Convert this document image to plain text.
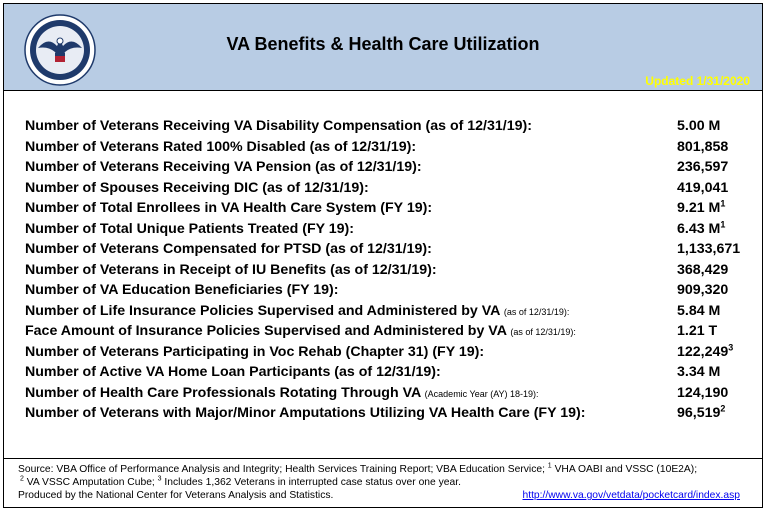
VA Benefits & Health Care Utilization
Updated 1/31/2020
Number of Veterans Receiving VA Disability Compensation (as of 12/31/19):	5.00 M
Number of Veterans Rated 100% Disabled (as of 12/31/19):	801,858
Number of Veterans Receiving VA Pension (as of 12/31/19):	236,597
Number of Spouses Receiving DIC (as of 12/31/19):	419,041
Number of Total Enrollees in VA Health Care System (FY 19):	9.21 $M^1$
Number of Total Unique Patients Treated (FY 19):	6.43 $M^1$
Number of Veterans Compensated for PTSD (as of 12/31/19):	1,133,671
Number of Veterans in Receipt of IU Benefits (as of 12/31/19):	368,429
Number of VA Education Beneficiaries (FY 19):	909,320
Number of Life Insurance Policies Supervised and Administered by VA (as of 12/31/19):	5.84 M
Face Amount of Insurance Policies Supervised and Administered by VA (as of 12/31/19):	1.21 T
Number of Veterans Participating in Voc Rehab (Chapter 31) (FY 19):	122,249$^3$
Number of Active VA Home Loan Participants (as of 12/31/19):	3.34 M
Number of Health Care Professionals Rotating Through VA (Academic Year (AY) 18-19):	124,190
Number of Veterans with Major/Minor Amputations Utilizing VA Health Care (FY 19):	96,519$^2$
Source: VBA Office of Performance Analysis and Integrity; Health Services Training Report; VBA Education Service; $^1$ VHA OABI and VSSC (10E2A);
$^2$ VA VSSC Amputation Cube; $^3$ Includes 1,362 Veterans in interrupted case status over one year.
Produced by the National Center for Veterans Analysis and Statistics.	http://www.va.gov/vetdata/pocketcard/index.asp
